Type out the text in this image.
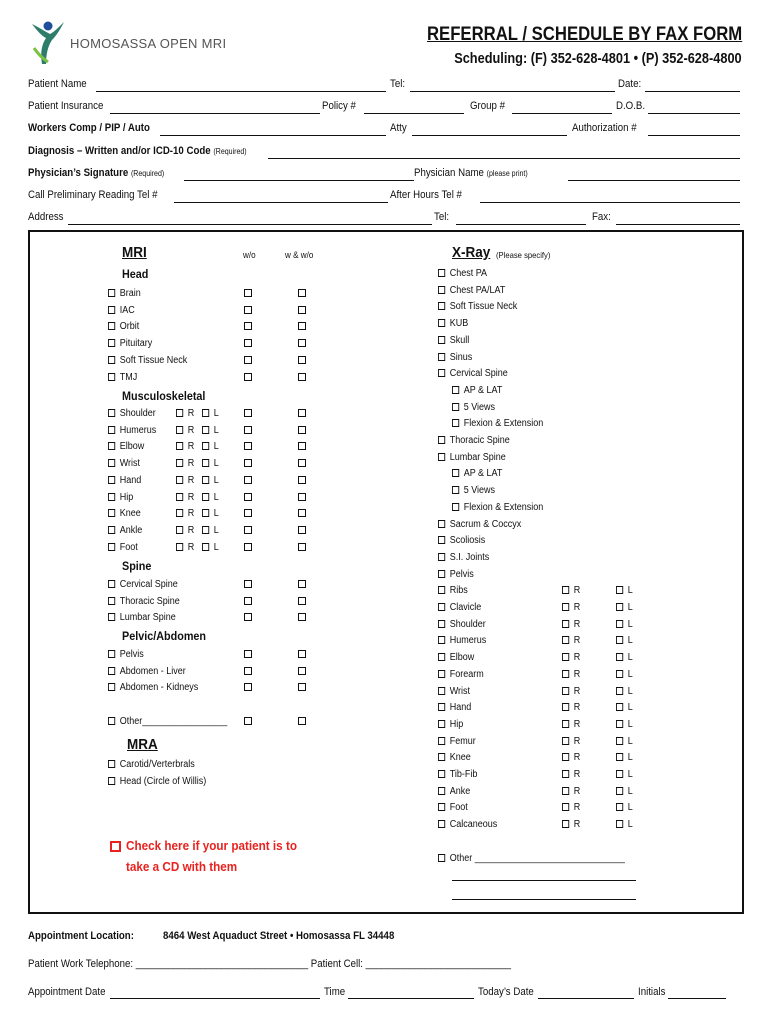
HOMOSASSA OPEN MRI	REFERRAL / SCHEDULE BY FAX FORM
Scheduling: (F) 352-628-4801 • (P) 352-628-4800
Patient Name	Tel:	Date:
Patient Insurance	Policy #	Group #	D.O.B.
Workers Comp / PIP / Auto	Atty	Authorization #
Diagnosis – Written and/or ICD-10 Code (Required)
Physician’s Signature (Required)	Physician Name (please print)
Call Preliminary Reading Tel #	After Hours Tel #
Address	Tel:	Fax:
MRI	w/o	w & w/o
Head
Brain
IAC
Orbit
Pituitary
Soft Tissue Neck
TMJ
Musculoskeletal
Shoulder	R	L
Humerus	R	L
Elbow	R	L
Wrist	R	L
Hand	R	L
Hip	R	L
Knee	R	L
Ankle	R	L
Foot	R	L
Spine
Cervical Spine
Thoracic Spine
Lumbar Spine
Pelvic/Abdomen
Pelvis
Abdomen - Liver
Abdomen - Kidneys
Other_________________
MRA
Carotid/Verterbrals
Head (Circle of Willis)
Check here if your patient is to
take a CD with them
X-Ray (Please specify)
Chest PA
Chest PA/LAT
Soft Tissue Neck
KUB
Skull
Sinus
Cervical Spine
AP & LAT
5 Views
Flexion & Extension
Thoracic Spine
Lumbar Spine
AP & LAT
5 Views
Flexion & Extension
Sacrum & Coccyx
Scoliosis
S.I. Joints
Pelvis
Ribs	R	L
Clavicle	R	L
Shoulder	R	L
Humerus	R	L
Elbow	R	L
Forearm	R	L
Wrist	R	L
Hand	R	L
Hip	R	L
Femur	R	L
Knee	R	L
Tib-Fib	R	L
Anke	R	L
Foot	R	L
Calcaneous	R	L
Other ______________________________
Appointment Location:	8464 West Aquaduct Street • Homosassa FL 34448
Patient Work Telephone: ________________________________ Patient Cell: ___________________________
Appointment Date	Time	Today’s Date	Initials
